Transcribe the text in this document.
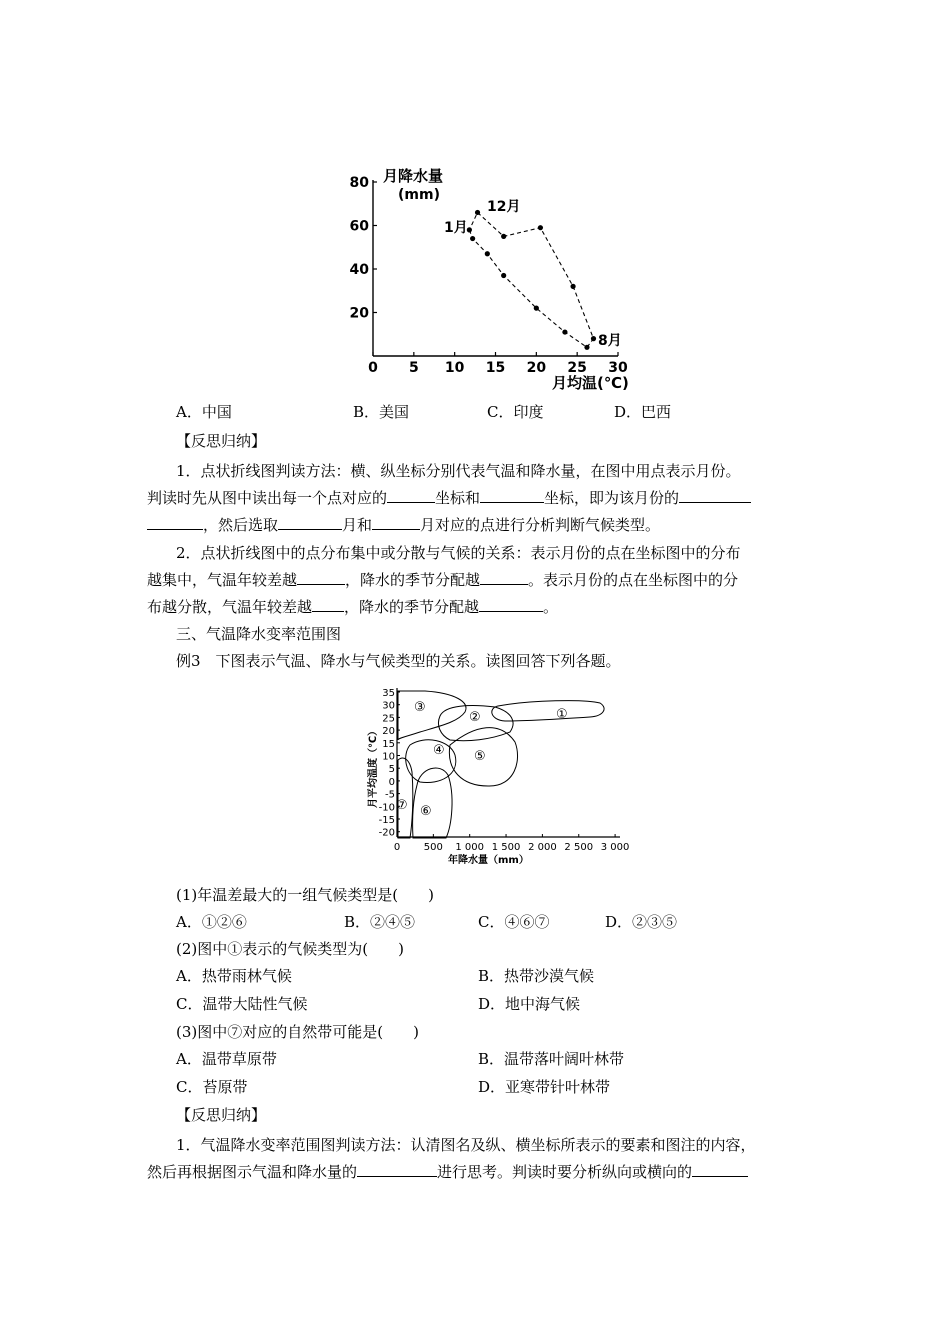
0 5 10 15 20 25 30
20
40
60
80 月降水量
(mm)
月均温(℃)
1月
12月
8月
A．中国	B．美国	C．印度	D．巴西
【反思归纳】
1．点状折线图判读方法：横、纵坐标分别代表气温和降水量，在图中用点表示月份。
判读时先从图中读出每一个点对应的	坐标和	坐标，即为该月份的
，然后选取	月和	月对应的点进行分析判断气候类型。
2．点状折线图中的点分布集中或分散与气候的关系：表示月份的点在坐标图中的分布
越集中，气温年较差越	，降水的季节分配越	。表示月份的点在坐标图中的分
布越分散，气温年较差越 ，降水的季节分配越	。
三、气温降水变率范围图
例3　下图表示气温、降水与气候类型的关系。读图回答下列各题。
0 500 1 000 1 500 2 000 2 500 3 000
35
30
25
20
15
10
5
0
-5
-10
-15
-20
①
②
③
④ ⑤
⑥
⑦
年降水量（mm）
月平均温度（℃）
(1)年温差最大的一组气候类型是(　　)
A．①②⑥	B．②④⑤	C．④⑥⑦	D．②③⑤
(2)图中①表示的气候类型为(　　)
A．热带雨林气候	B．热带沙漠气候
C．温带大陆性气候	D．地中海气候
(3)图中⑦对应的自然带可能是(　　)
A．温带草原带	B．温带落叶阔叶林带
C．苔原带	D．亚寒带针叶林带
【反思归纳】
1．气温降水变率范围图判读方法：认清图名及纵、横坐标所表示的要素和图注的内容，
然后再根据图示气温和降水量的	进行思考。判读时要分析纵向或横向的
